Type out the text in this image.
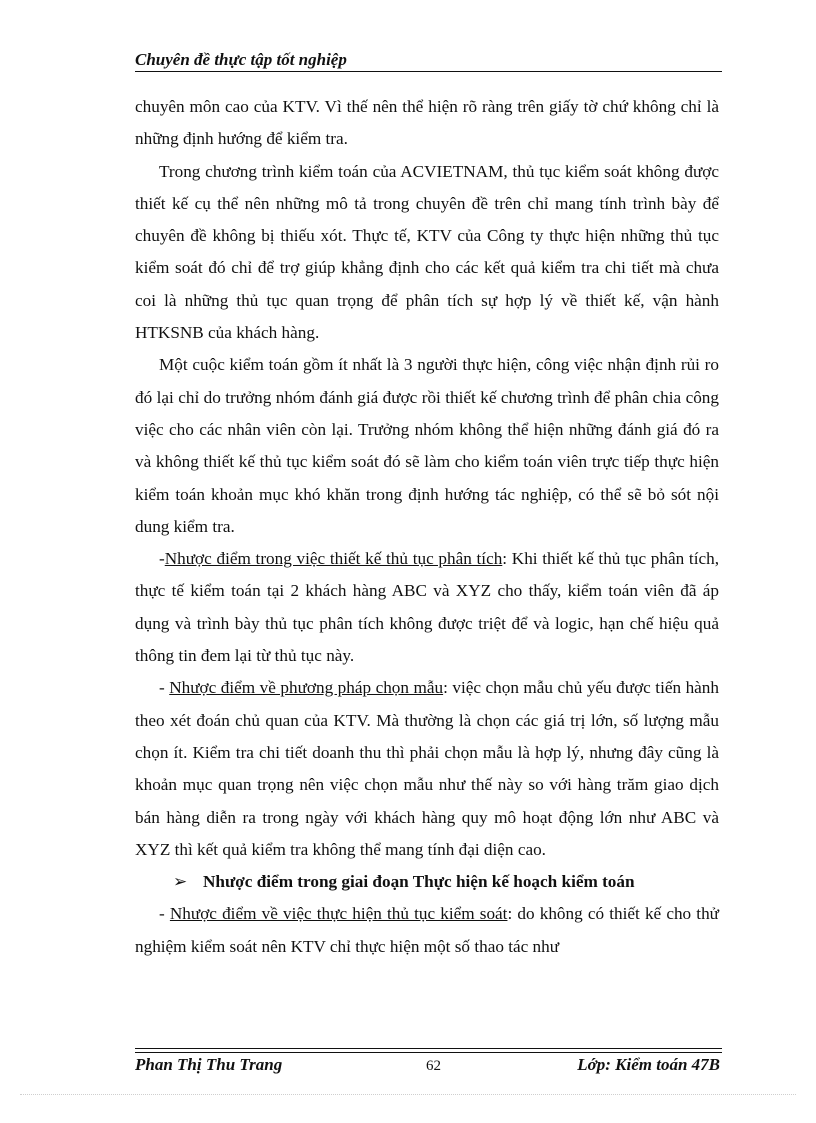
Chuyên đề thực tập tốt nghiệp

chuyên môn cao của KTV. Vì thế nên thể hiện rõ ràng trên giấy tờ chứ không chỉ là những định hướng để kiểm tra.

Trong chương trình kiểm toán của ACVIETNAM, thủ tục kiểm soát không được thiết kế cụ thể nên những mô tả trong chuyên đề trên chỉ mang tính trình bày để chuyên đề không bị thiếu xót. Thực tế, KTV của Công ty thực hiện những thủ tục kiểm soát đó chỉ để trợ giúp khẳng định cho các kết quả kiểm tra chi tiết mà chưa coi là những thủ tục quan trọng để phân tích sự hợp lý về thiết kế, vận hành HTKSNB của khách hàng.

Một cuộc kiểm toán gồm ít nhất là 3 người thực hiện, công việc nhận định rủi ro đó lại chỉ do trưởng nhóm đánh giá được rồi thiết kế chương trình để phân chia công việc cho các nhân viên còn lại. Trưởng nhóm không thể hiện những đánh giá đó ra và không thiết kế thủ tục kiểm soát đó sẽ làm cho kiểm toán viên trực tiếp thực hiện kiểm toán khoản mục khó khăn trong định hướng tác nghiệp, có thể sẽ bỏ sót nội dung kiểm tra.

-Nhược điểm trong việc thiết kế thủ tục phân tích: Khi thiết kế thủ tục phân tích, thực tế kiểm toán tại 2 khách hàng ABC và XYZ cho thấy, kiểm toán viên đã áp dụng và trình bày thủ tục phân tích không được triệt để và logic, hạn chế hiệu quả thông tin đem lại từ thủ tục này.

- Nhược điểm về phương pháp chọn mẫu: việc chọn mẫu chủ yếu được tiến hành theo xét đoán chủ quan của KTV. Mà thường là chọn các giá trị lớn, số lượng mẫu chọn ít. Kiểm tra chi tiết doanh thu thì phải chọn mẫu là hợp lý, nhưng đây cũng là khoản mục quan trọng nên việc chọn mẫu như thế này so với hàng trăm giao dịch bán hàng diễn ra trong ngày với khách hàng quy mô hoạt động lớn như ABC và XYZ thì kết quả kiểm tra không thể mang tính đại diện cao.

➢ Nhược điểm trong giai đoạn Thực hiện kế hoạch kiểm toán

- Nhược điểm về việc thực hiện thủ tục kiểm soát: do không có thiết kế cho thử nghiệm kiểm soát nên KTV chỉ thực hiện một số thao tác như

Phan Thị Thu Trang	62	Lớp: Kiểm toán 47B
